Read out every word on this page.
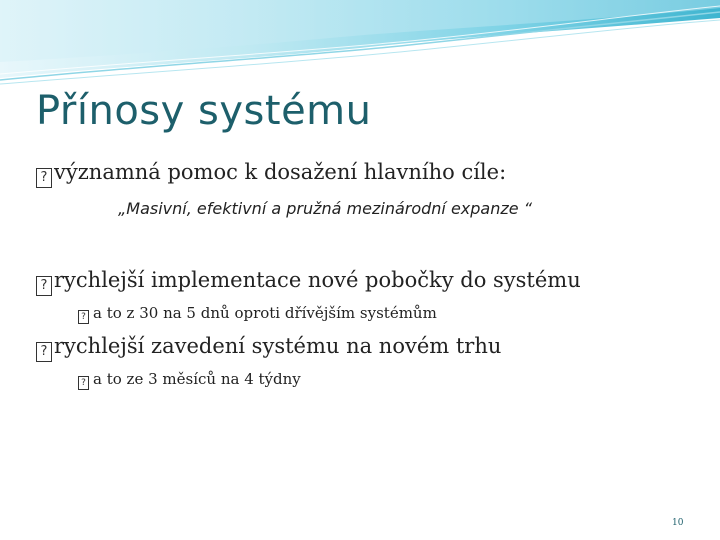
Přínosy systému
? významná pomoc k dosažení hlavního cíle:
„Masivní, efektivní a pružná mezinárodní expanze “
? rychlejší implementace nové pobočky do systému
? a to z 30 na 5 dnů oproti dřívějším systémům
? rychlejší zavedení systému na novém trhu
? a to ze 3 měsíců na 4 týdny
10
